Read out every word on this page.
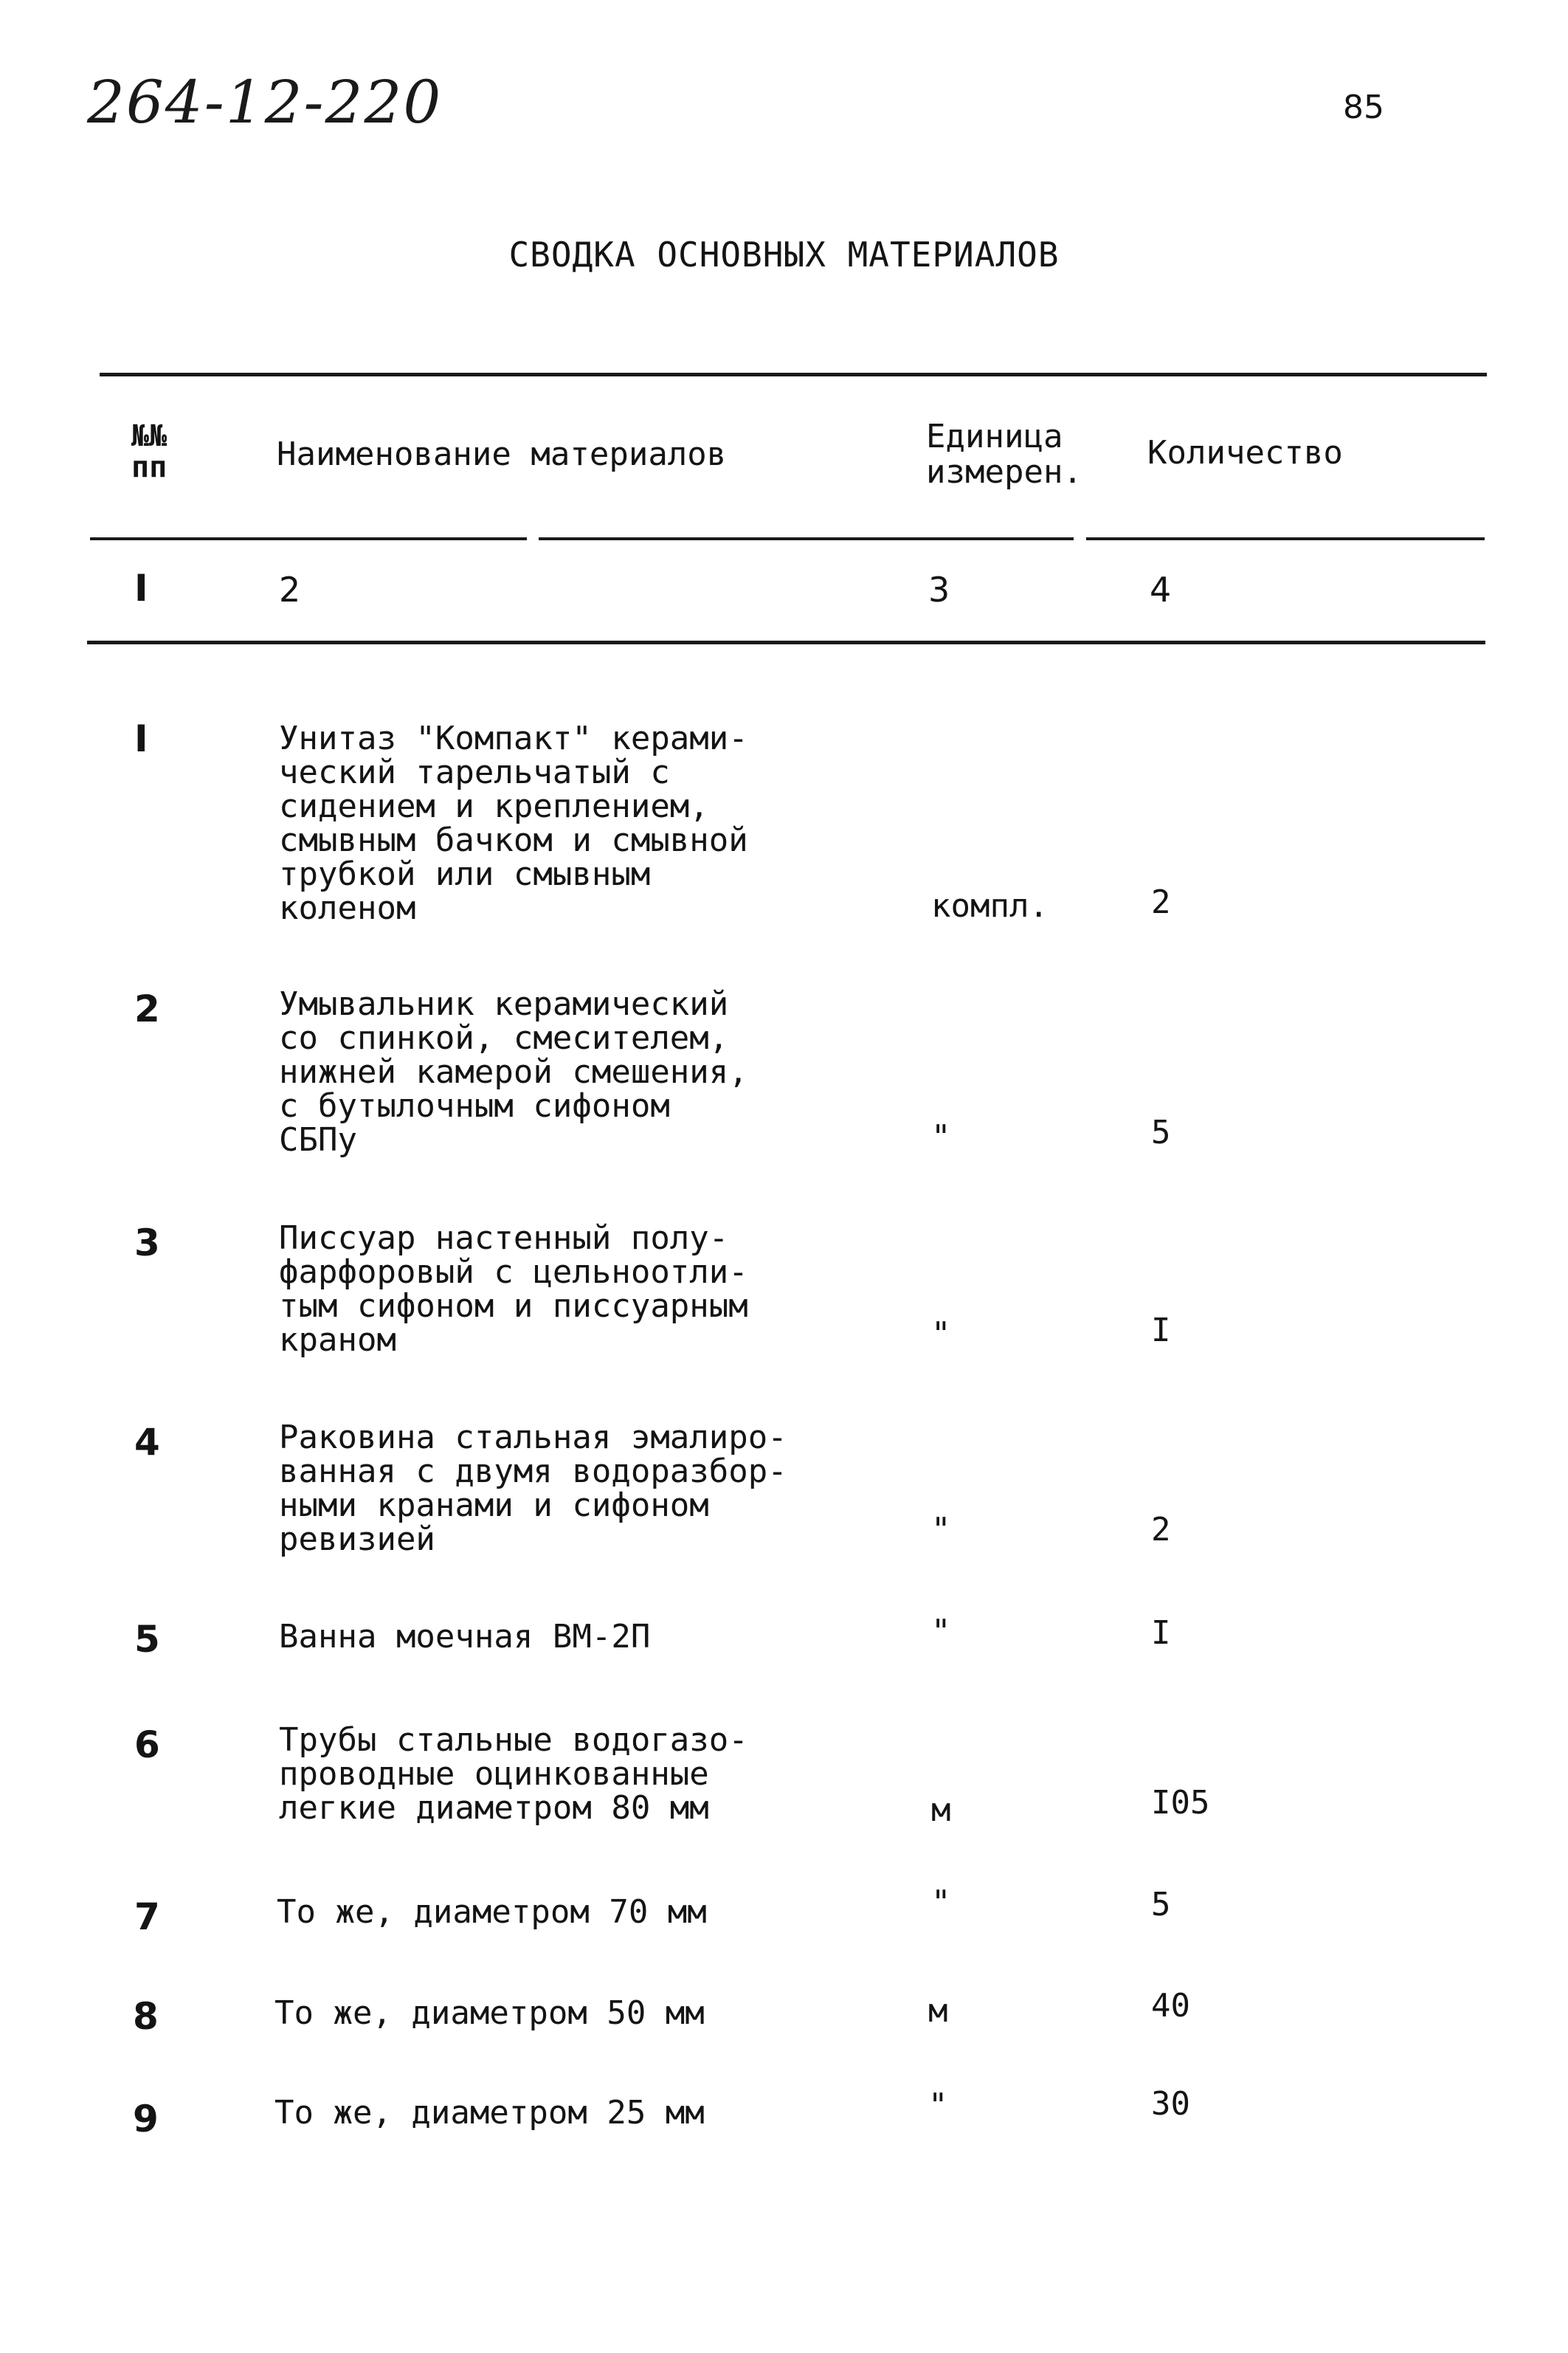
264-12-220	85
СВОДКА ОСНОВНЫХ МАТЕРИАЛОВ
№№
пп	Наименование материалов	Единица
измерен.
Количество
I	2	3	4
I	Унитаз "Компакт" керами-
ческий тарельчатый с
сидением и креплением,
смывным бачком и смывной
трубкой или смывным
коленом	компл.	2
2	Умывальник керамический
со спинкой, смесителем,
нижней камерой смешения,
с бутылочным сифоном
СБПу	"	5
3	Писсуар настенный полу-
фарфоровый с цельноотли-
тым сифоном и писсуарным
краном	"	I
4	Раковина стальная эмалиро-
ванная с двумя водоразбор-
ными кранами и сифоном
ревизией	"	2
5	Ванна моечная ВМ-2П	"	I
6	Трубы стальные водогазо-
проводные оцинкованные
легкие диаметром 80 мм	м	I05
7	То же, диаметром 70 мм	"	5
8	То же, диаметром 50 мм	м	40
9	То же, диаметром 25 мм	"	30
